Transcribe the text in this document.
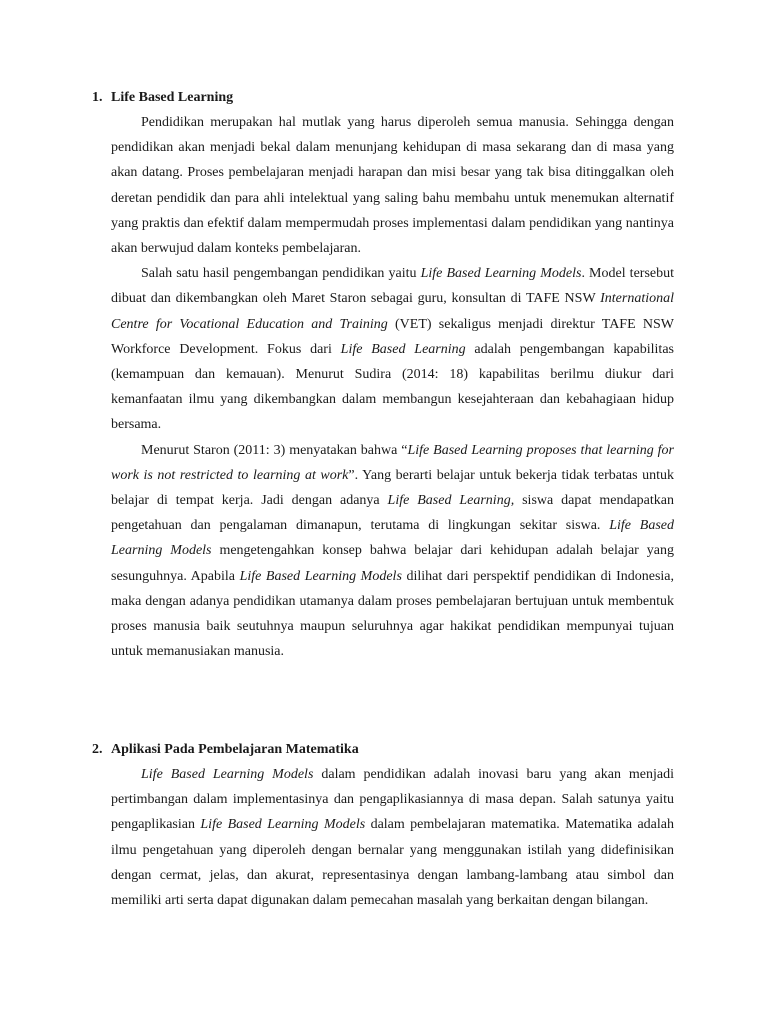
1. Life Based Learning

Pendidikan merupakan hal mutlak yang harus diperoleh semua manusia. Sehingga dengan pendidikan akan menjadi bekal dalam menunjang kehidupan di masa sekarang dan di masa yang akan datang. Proses pembelajaran menjadi harapan dan misi besar yang tak bisa ditinggalkan oleh deretan pendidik dan para ahli intelektual yang saling bahu membahu untuk menemukan alternatif yang praktis dan efektif dalam mempermudah proses implementasi dalam pendidikan yang nantinya akan berwujud dalam konteks pembelajaran.

Salah satu hasil pengembangan pendidikan yaitu Life Based Learning Models. Model tersebut dibuat dan dikembangkan oleh Maret Staron sebagai guru, konsultan di TAFE NSW International Centre for Vocational Education and Training (VET) sekaligus menjadi direktur TAFE NSW Workforce Development. Fokus dari Life Based Learning adalah pengembangan kapabilitas (kemampuan dan kemauan). Menurut Sudira (2014: 18) kapabilitas berilmu diukur dari kemanfaatan ilmu yang dikembangkan dalam membangun kesejahteraan dan kebahagiaan hidup bersama.

Menurut Staron (2011: 3) menyatakan bahwa “Life Based Learning proposes that learning for work is not restricted to learning at work”. Yang berarti belajar untuk bekerja tidak terbatas untuk belajar di tempat kerja. Jadi dengan adanya Life Based Learning, siswa dapat mendapatkan pengetahuan dan pengalaman dimanapun, terutama di lingkungan sekitar siswa. Life Based Learning Models mengetengahkan konsep bahwa belajar dari kehidupan adalah belajar yang sesunguhnya. Apabila Life Based Learning Models dilihat dari perspektif pendidikan di Indonesia, maka dengan adanya pendidikan utamanya dalam proses pembelajaran bertujuan untuk membentuk proses manusia baik seutuhnya maupun seluruhnya agar hakikat pendidikan mempunyai tujuan untuk memanusiakan manusia.

2. Aplikasi Pada Pembelajaran Matematika

Life Based Learning Models dalam pendidikan adalah inovasi baru yang akan menjadi pertimbangan dalam implementasinya dan pengaplikasiannya di masa depan. Salah satunya yaitu pengaplikasian Life Based Learning Models dalam pembelajaran matematika. Matematika adalah ilmu pengetahuan yang diperoleh dengan bernalar yang menggunakan istilah yang didefinisikan dengan cermat, jelas, dan akurat, representasinya dengan lambang-lambang atau simbol dan memiliki arti serta dapat digunakan dalam pemecahan masalah yang berkaitan dengan bilangan.
